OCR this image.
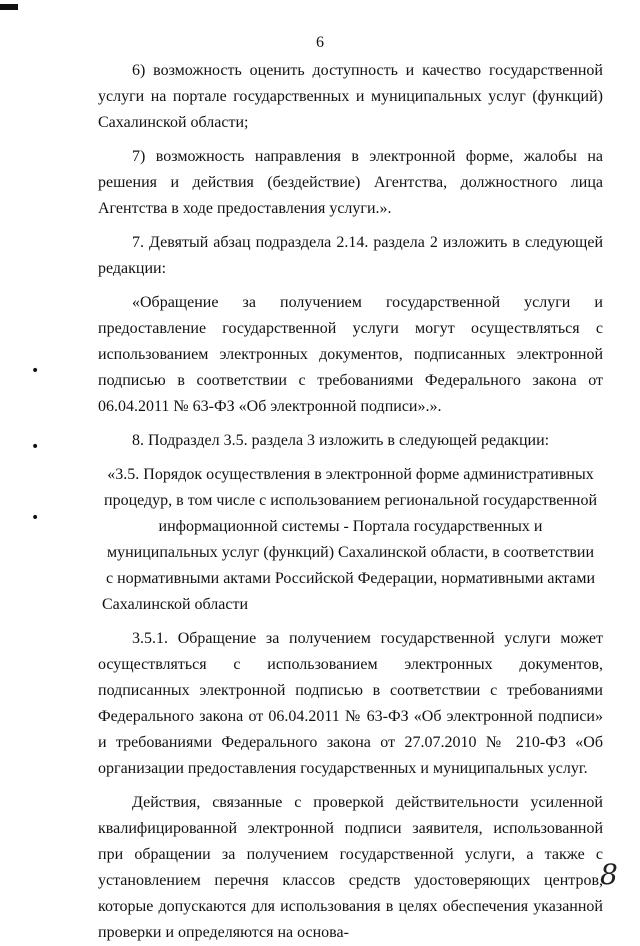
6

6) возможность оценить доступность и качество государственной услуги на портале государственных и муниципальных услуг (функций) Сахалинской области;

7) возможность направления в электронной форме, жалобы на решения и действия (бездействие) Агентства, должностного лица Агентства в ходе предоставления услуги.».

7. Девятый абзац подраздела 2.14. раздела 2 изложить в следующей редакции:

«Обращение за получением государственной услуги и предоставление государственной услуги могут осуществляться с использованием электронных документов, подписанных электронной подписью в соответствии с требованиями Федерального закона от 06.04.2011 № 63-ФЗ «Об электронной подписи».».

8. Подраздел 3.5. раздела 3 изложить в следующей редакции:

«3.5. Порядок осуществления в электронной форме административных процедур, в том числе с использованием региональной государственной информационной системы - Портала государственных и муниципальных услуг (функций) Сахалинской области, в соответствии с нормативными актами Российской Федерации, нормативными актами Сахалинской области

3.5.1. Обращение за получением государственной услуги может осуществляться с использованием электронных документов, подписанных электронной подписью в соответствии с требованиями Федерального закона от 06.04.2011 № 63-ФЗ «Об электронной подписи» и требованиями Федерального закона от 27.07.2010 № 210-ФЗ «Об организации предоставления государственных и муниципальных услуг.

Действия, связанные с проверкой действительности усиленной квалифицированной электронной подписи заявителя, использованной при обращении за получением государственной услуги, а также с установлением перечня классов средств удостоверяющих центров, которые допускаются для использования в целях обеспечения указанной проверки и определяются на основа-

•
•
•
8
